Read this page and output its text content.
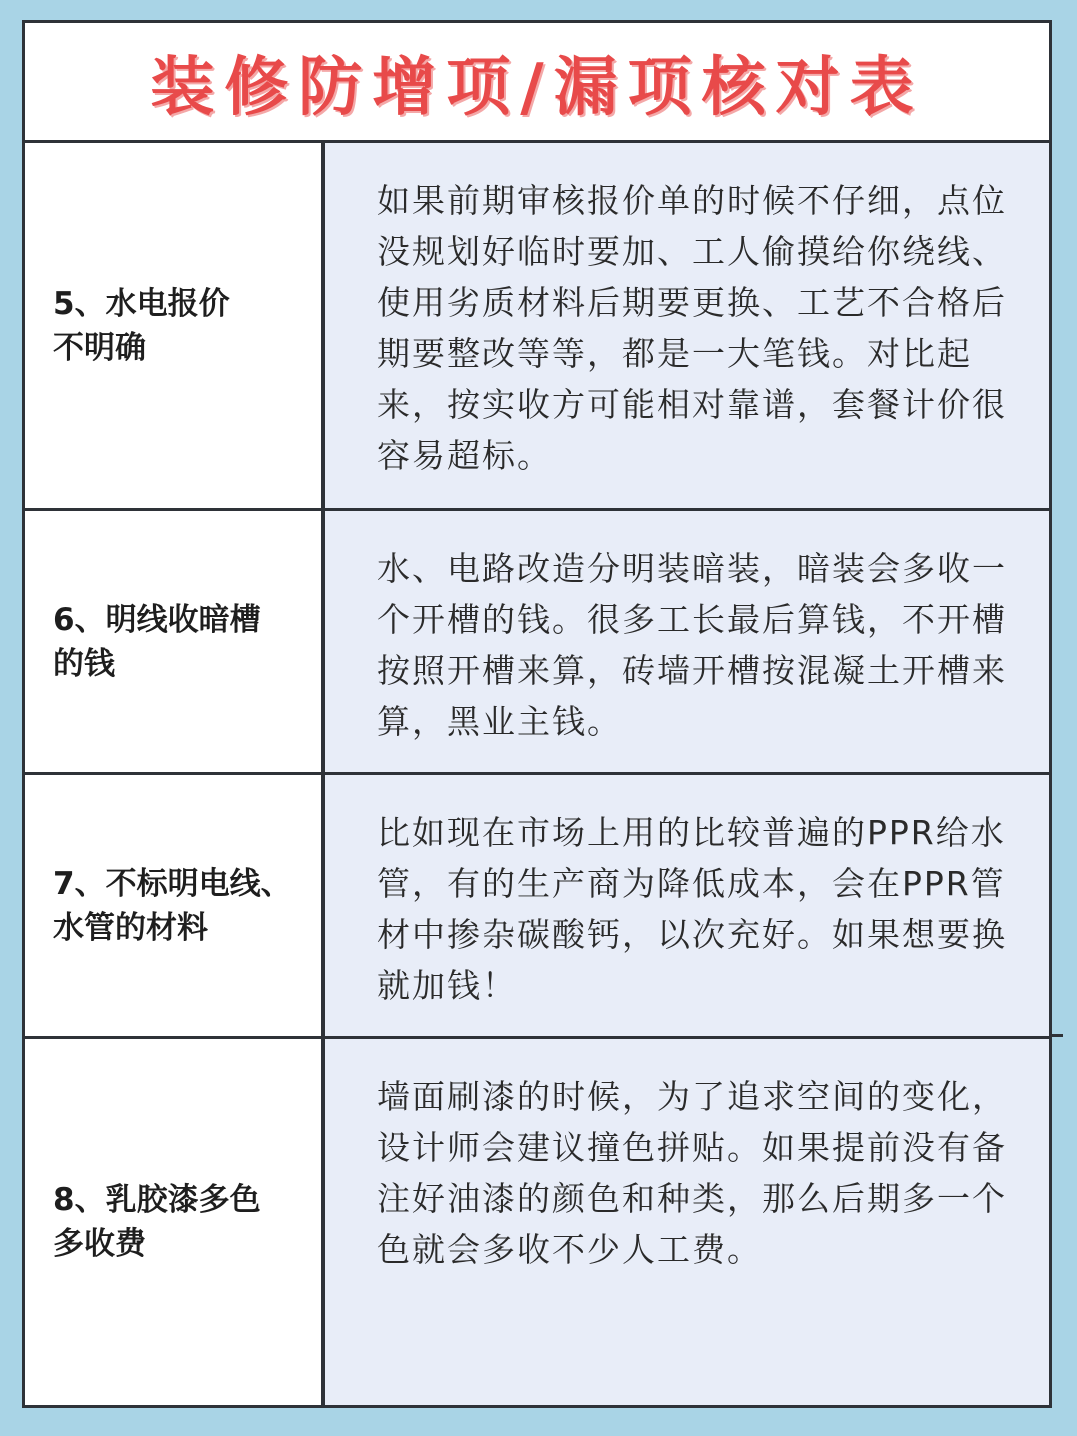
装修防增项/漏项核对表
5、水电报价
不明确
如果前期审核报价单的时候不仔细，点位没规划好临时要加、工人偷摸给你绕线、使用劣质材料后期要更换、工艺不合格后期要整改等等，都是一大笔钱。对比起来，按实收方可能相对靠谱，套餐计价很容易超标。
6、明线收暗槽
的钱
水、电路改造分明装暗装，暗装会多收一个开槽的钱。很多工长最后算钱，不开槽按照开槽来算，砖墙开槽按混凝土开槽来算，黑业主钱。
7、不标明电线、
水管的材料
比如现在市场上用的比较普遍的PPR给水管，有的生产商为降低成本，会在PPR管材中掺杂碳酸钙，以次充好。如果想要换就加钱！
8、乳胶漆多色
多收费
墙面刷漆的时候，为了追求空间的变化，设计师会建议撞色拼贴。如果提前没有备注好油漆的颜色和种类，那么后期多一个色就会多收不少人工费。
